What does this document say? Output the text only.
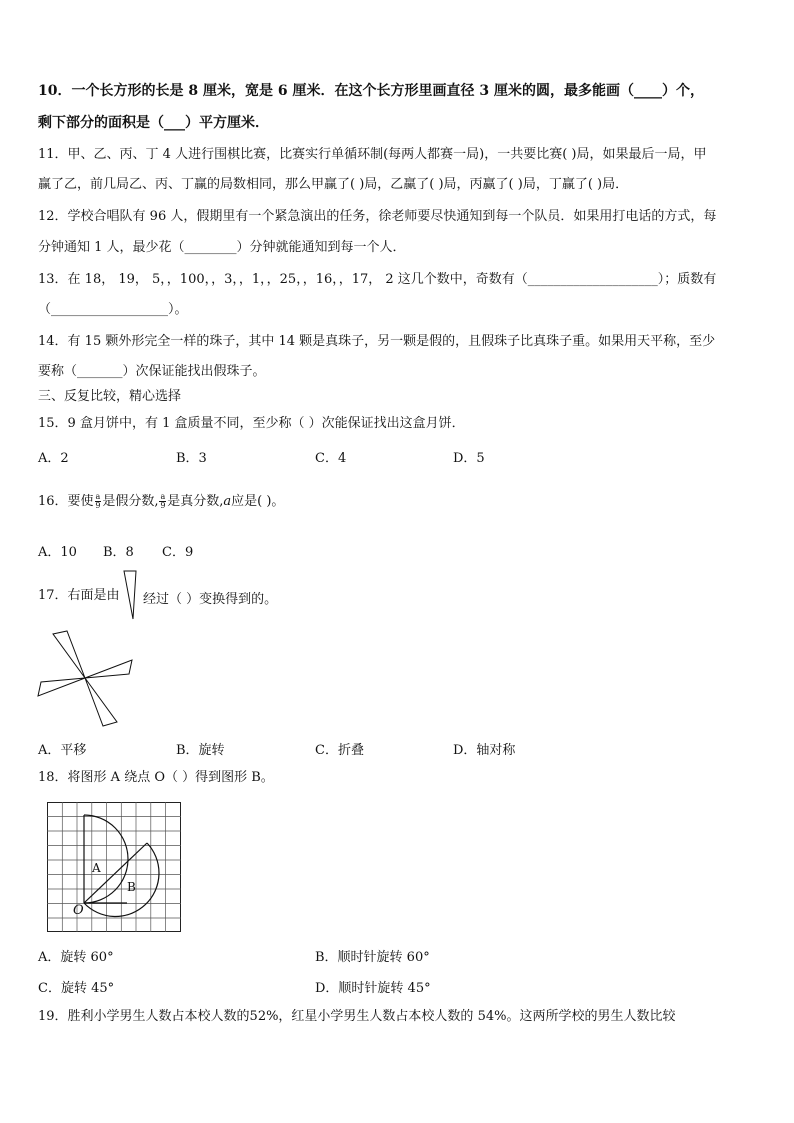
10．一个长方形的长是 8 厘米，宽是 6 厘米．在这个长方形里画直径 3 厘米的圆，最多能画（____）个，
剩下部分的面积是（___）平方厘米．
11．甲、乙、丙、丁 4 人进行围棋比赛，比赛实行单循环制(每两人都赛一局)，一共要比赛( )局，如果最后一局，甲
赢了乙，前几局乙、丙、丁赢的局数相同，那么甲赢了( )局，乙赢了( )局，丙赢了( )局，丁赢了( )局．
12．学校合唱队有 96 人，假期里有一个紧急演出的任务，徐老师要尽快通知到每一个队员．如果用打电话的方式，每
分钟通知 1 人，最少花（________）分钟就能通知到每一个人．
13．在 18， 19， 5，，100，，3，，1，，25，，16，，17， 2 这几个数中，奇数有（____________________）；质数有
（__________________）。
14．有 15 颗外形完全一样的珠子，其中 14 颗是真珠子，另一颗是假的，且假珠子比真珠子重。如果用天平称，至少
要称（_______）次保证能找出假珠子。
三、反复比较，精心选择
15．9 盒月饼中，有 1 盒质量不同，至少称（ ）次能保证找出这盒月饼．
A．2	B．3	C．4	D．5
16．要使 $\frac{a}{9}$ 是假分数, $\frac{a}{9}$ 是真分数,a应是( )。
A．10 B．8 C．9
17．右面是由 经过（ ）变换得到的。
A．平移	B．旋转	C．折叠	D．轴对称
18．将图形 A 绕点 O（ ）得到图形 B。
A
B
O
A．旋转 60°	B．顺时针旋转 60°
C．旋转 45°	D．顺时针旋转 45°
19．胜利小学男生人数占本校人数的52%，红星小学男生人数占本校人数的 54%。这两所学校的男生人数比较
